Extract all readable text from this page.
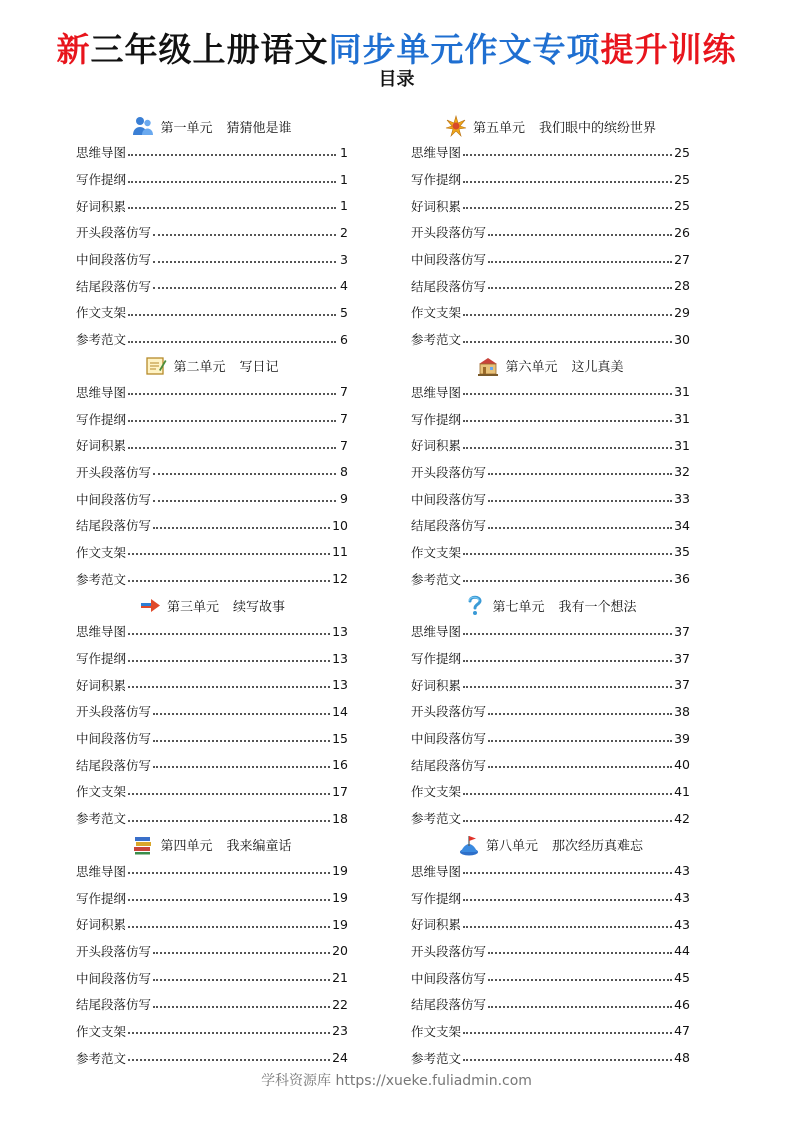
新三年级上册语文同步单元作文专项提升训练
目录
第一单元 猜猜他是谁
思维导图	1
写作提纲	1
好词积累	1
开头段落仿写	2
中间段落仿写	3
结尾段落仿写	4
作文支架	5
参考范文	6
第二单元 写日记
思维导图	7
写作提纲	7
好词积累	7
开头段落仿写	8
中间段落仿写	9
结尾段落仿写	10
作文支架	11
参考范文	12
第三单元 续写故事
思维导图	13
写作提纲	13
好词积累	13
开头段落仿写	14
中间段落仿写	15
结尾段落仿写	16
作文支架	17
参考范文	18
第四单元 我来编童话
思维导图	19
写作提纲	19
好词积累	19
开头段落仿写	20
中间段落仿写	21
结尾段落仿写	22
作文支架	23
参考范文	24
第五单元 我们眼中的缤纷世界
思维导图	25
写作提纲	25
好词积累	25
开头段落仿写	26
中间段落仿写	27
结尾段落仿写	28
作文支架	29
参考范文	30
第六单元 这儿真美
思维导图	31
写作提纲	31
好词积累	31
开头段落仿写	32
中间段落仿写	33
结尾段落仿写	34
作文支架	35
参考范文	36
第七单元 我有一个想法
思维导图	37
写作提纲	37
好词积累	37
开头段落仿写	38
中间段落仿写	39
结尾段落仿写	40
作文支架	41
参考范文	42
第八单元 那次经历真难忘
思维导图	43
写作提纲	43
好词积累	43
开头段落仿写	44
中间段落仿写	45
结尾段落仿写	46
作文支架	47
参考范文	48
学科资源库 https://xueke.fuliadmin.com
